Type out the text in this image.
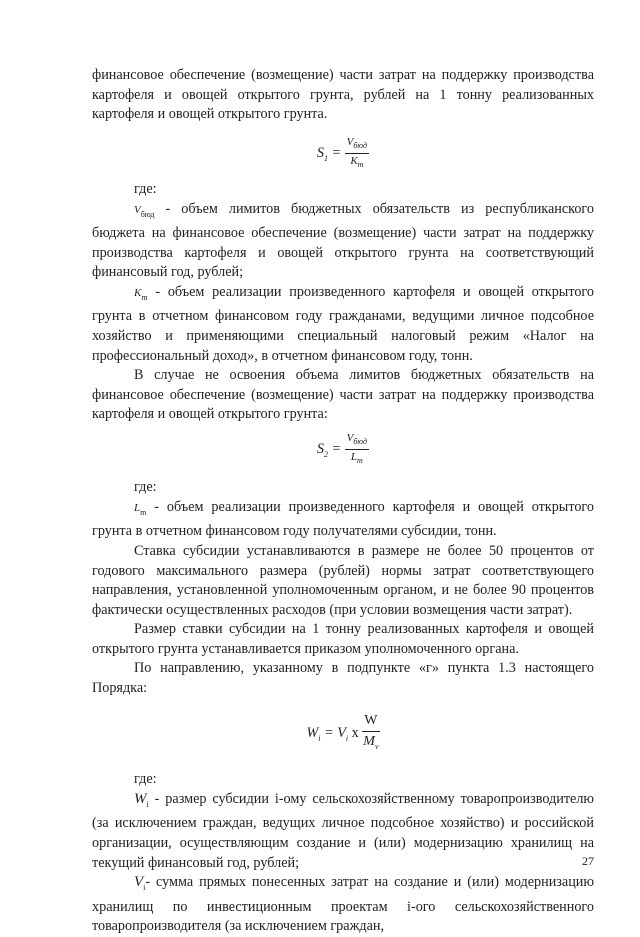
финансовое обеспечение (возмещение) части затрат на поддержку производства картофеля и овощей открытого грунта, рублей на 1 тонну реализованных картофеля и овощей открытого грунта.

$S_1 = \frac{V_{бюд}}{K_m}$

где:

$V_{бюд}$ - объем лимитов бюджетных обязательств из республиканского бюджета на финансовое обеспечение (возмещение) части затрат на поддержку производства картофеля и овощей открытого грунта на соответствующий финансовый год, рублей;

$K_m$ - объем реализации произведенного картофеля и овощей открытого грунта в отчетном финансовом году гражданами, ведущими личное подсобное хозяйство и применяющими специальный налоговый режим «Налог на профессиональный доход», в отчетном финансовом году, тонн.

В случае не освоения объема лимитов бюджетных обязательств на финансовое обеспечение (возмещение) части затрат на поддержку производства картофеля и овощей открытого грунта:

$S_2 = \frac{V_{бюд}}{L_m}$

где:

$L_m$ - объем реализации произведенного картофеля и овощей открытого грунта в отчетном финансовом году получателями субсидии, тонн.

Ставка субсидии устанавливаются в размере не более 50 процентов от годового максимального размера (рублей) нормы затрат соответствующего направления, установленной уполномоченным органом, и не более 90 процентов фактически осуществленных расходов (при условии возмещения части затрат).

Размер ставки субсидии на 1 тонну реализованных картофеля и овощей открытого грунта устанавливается приказом уполномоченного органа.

По направлению, указанному в подпункте «г» пункта 1.3 настоящего Порядка:

$W_i = V_i$ x $\frac{W}{M_v}$

где:

$W_i$ - размер субсидии i-ому сельскохозяйственному товаропроизводителю (за исключением граждан, ведущих личное подсобное хозяйство) и российской организации, осуществляющим создание и (или) модернизацию хранилищ на текущий финансовый год, рублей;

$V_i-$ сумма прямых понесенных затрат на создание и (или) модернизацию хранилищ по инвестиционным проектам i-ого сельскохозяйственного товаропроизводителя (за исключением граждан,

27
